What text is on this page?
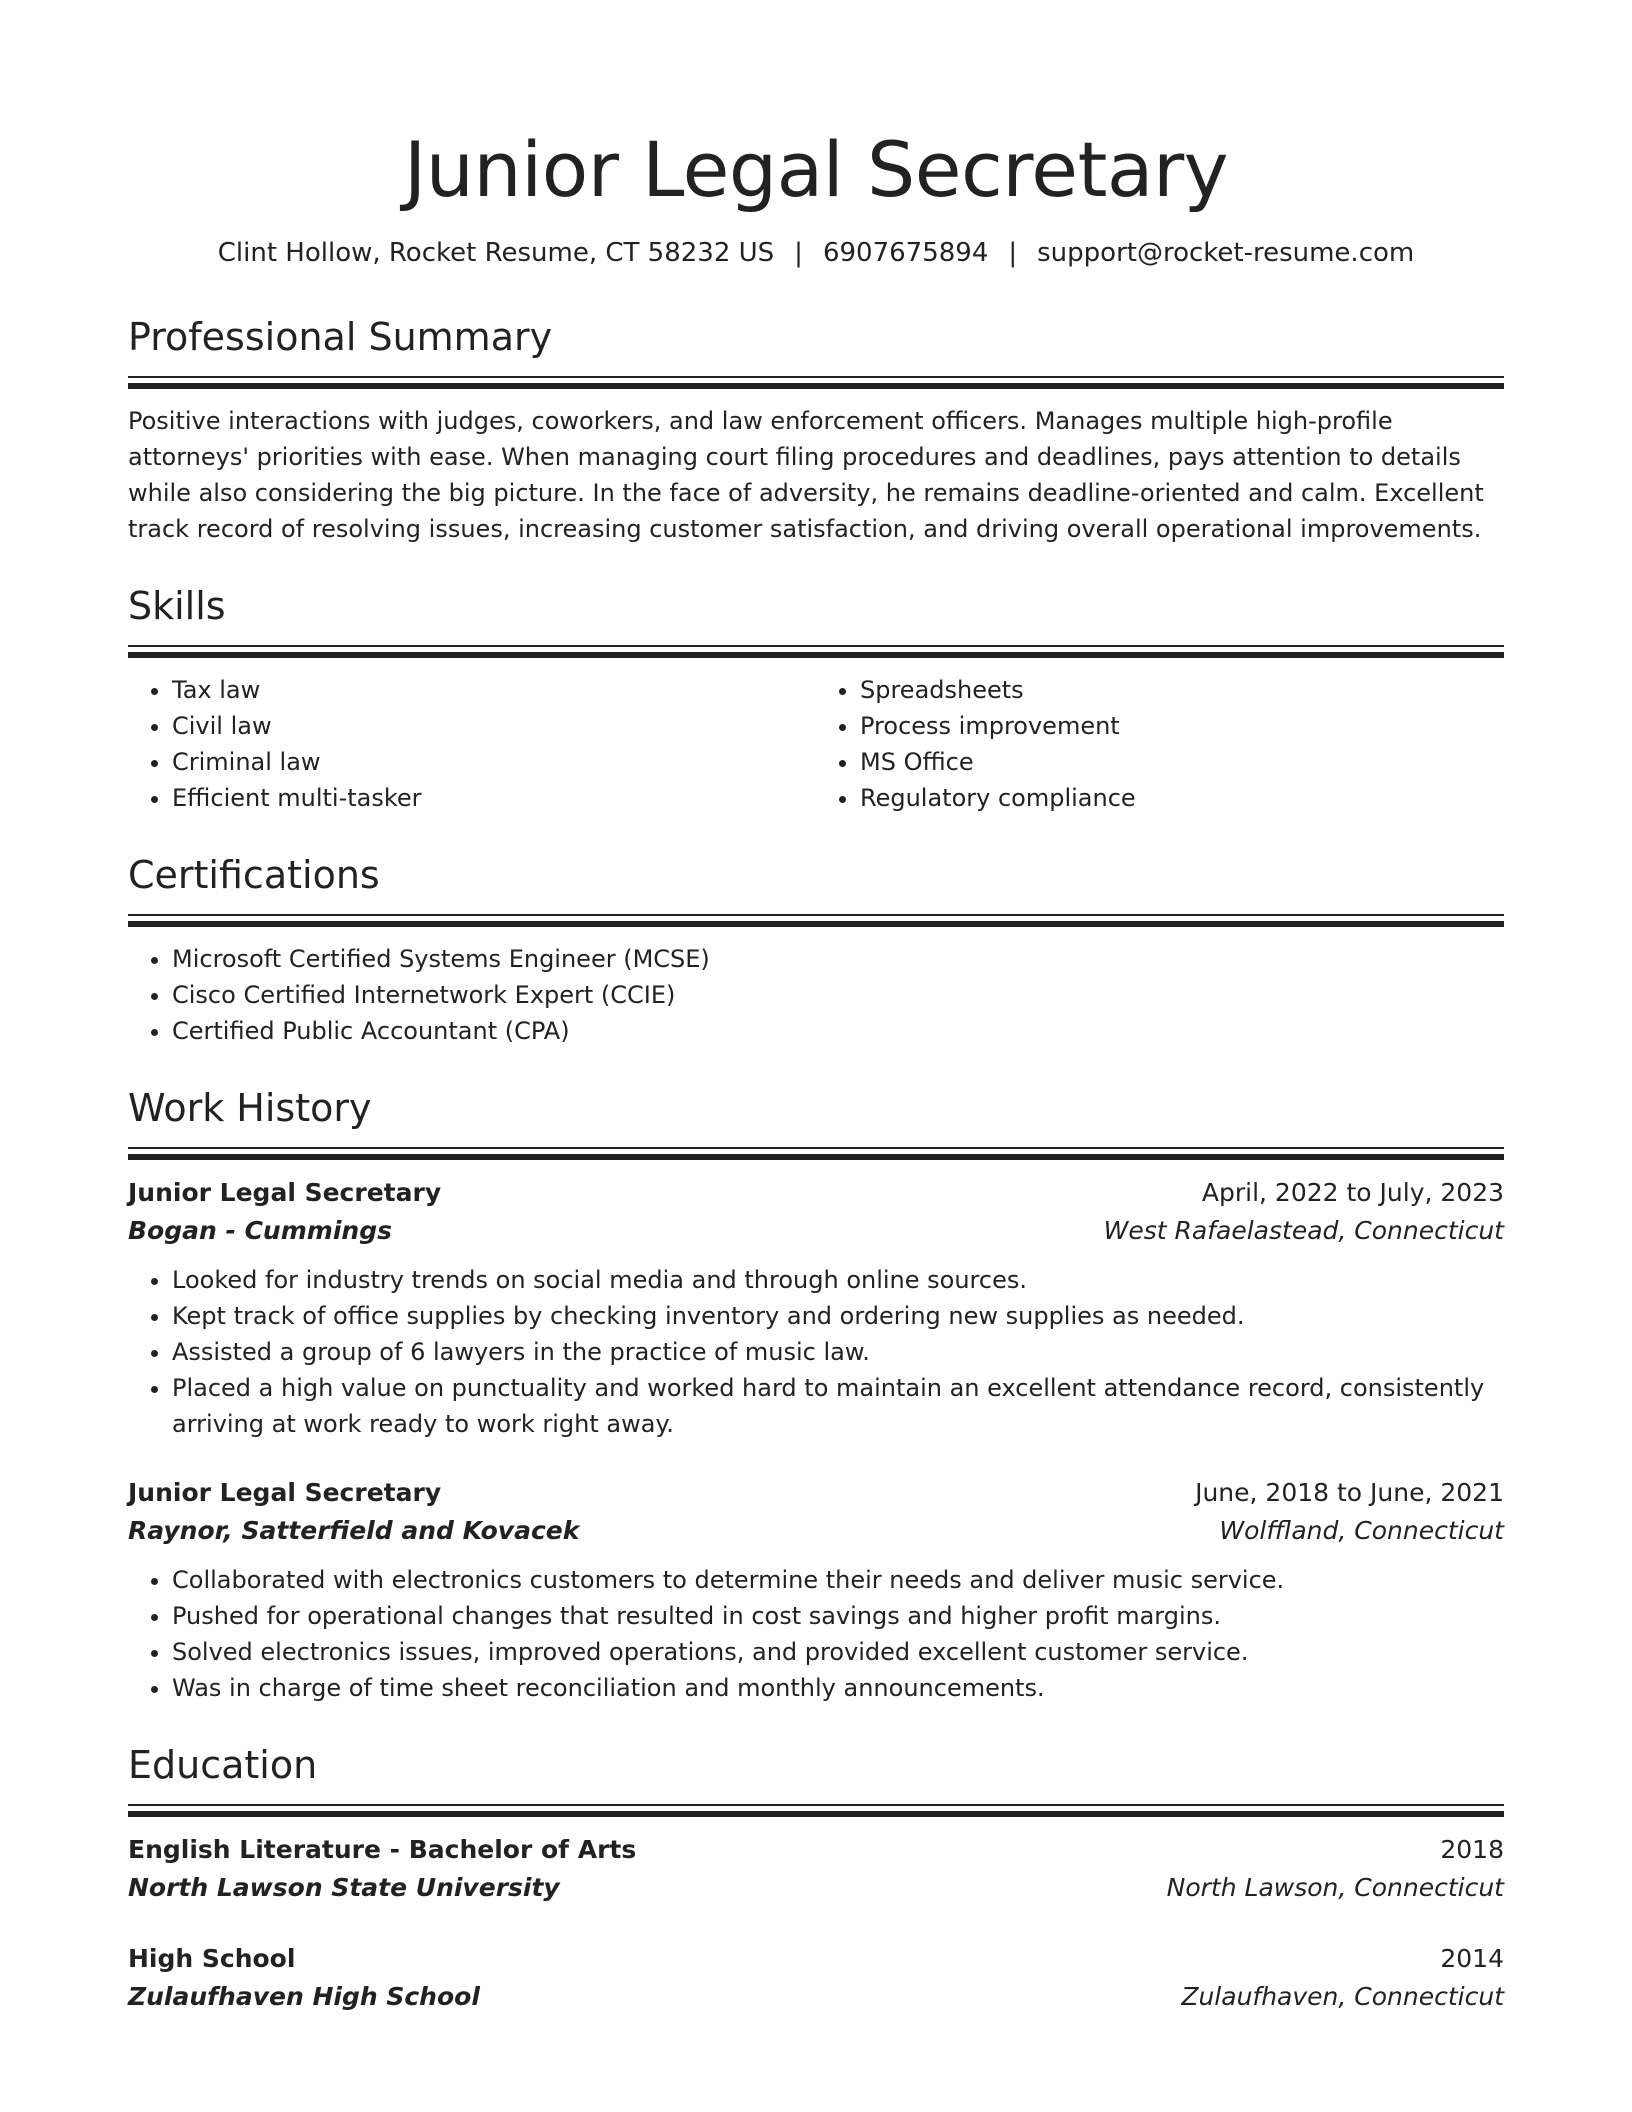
Junior Legal Secretary
Clint Hollow, Rocket Resume, CT 58232 US | 6907675894 | support@rocket-resume.com
Professional Summary
Positive interactions with judges, coworkers, and law enforcement officers. Manages multiple high-profile attorneys' priorities with ease. When managing court filing procedures and deadlines, pays attention to details while also considering the big picture. In the face of adversity, he remains deadline-oriented and calm. Excellent track record of resolving issues, increasing customer satisfaction, and driving overall operational improvements.
Skills
• Tax law
• Civil law
• Criminal law
• Efficient multi-tasker
• Spreadsheets
• Process improvement
• MS Office
• Regulatory compliance
Certifications
• Microsoft Certified Systems Engineer (MCSE)
• Cisco Certified Internetwork Expert (CCIE)
• Certified Public Accountant (CPA)
Work History
Junior Legal Secretary	April, 2022 to July, 2023
Bogan - Cummings	West Rafaelastead, Connecticut
• Looked for industry trends on social media and through online sources.
• Kept track of office supplies by checking inventory and ordering new supplies as needed.
• Assisted a group of 6 lawyers in the practice of music law.
• Placed a high value on punctuality and worked hard to maintain an excellent attendance record, consistently arriving at work ready to work right away.
Junior Legal Secretary	June, 2018 to June, 2021
Raynor, Satterfield and Kovacek	Wolffland, Connecticut
• Collaborated with electronics customers to determine their needs and deliver music service.
• Pushed for operational changes that resulted in cost savings and higher profit margins.
• Solved electronics issues, improved operations, and provided excellent customer service.
• Was in charge of time sheet reconciliation and monthly announcements.
Education
English Literature - Bachelor of Arts	2018
North Lawson State University	North Lawson, Connecticut
High School	2014
Zulaufhaven High School	Zulaufhaven, Connecticut
